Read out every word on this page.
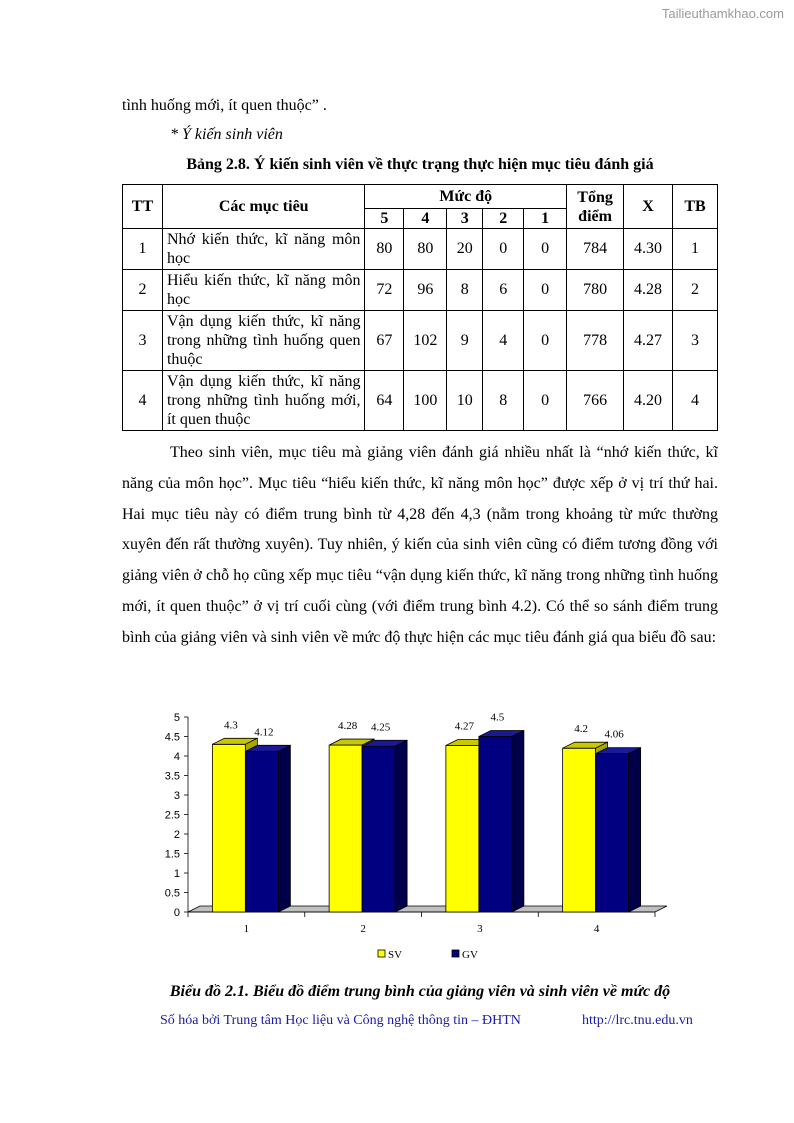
Tailieuthamkhao.com
tình huống mới, ít quen thuộc” .
* Ý kiến sinh viên
Bảng 2.8. Ý kiến sinh viên về thực trạng thực hiện mục tiêu đánh giá
TT	Các mục tiêu	Mức độ					Tổng điểm	X	TB
		5	4	3	2	1			
1	Nhớ kiến thức, kĩ năng môn học	80	80	20	0	0	784	4.30	1
2	Hiểu kiến thức, kĩ năng môn học	72	96	8	6	0	780	4.28	2
3	Vận dụng kiến thức, kĩ năng trong những tình huống quen thuộc	67	102	9	4	0	778	4.27	3
4	Vận dụng kiến thức, kĩ năng trong những tình huống mới, ít quen thuộc	64	100	10	8	0	766	4.20	4

Theo sinh viên, mục tiêu mà giảng viên đánh giá nhiều nhất là “nhớ kiến thức, kĩ năng của môn học”. Mục tiêu “hiểu kiến thức, kĩ năng môn học” được xếp ở vị trí thứ hai. Hai mục tiêu này có điểm trung bình từ 4,28 đến 4,3 (nằm trong khoảng từ mức thường xuyên đến rất thường xuyên). Tuy nhiên, ý kiến của sinh viên cũng có điểm tương đồng với giảng viên ở chỗ họ cũng xếp mục tiêu “vận dụng kiến thức, kĩ năng trong những tình huống mới, ít quen thuộc” ở vị trí cuối cùng (với điểm trung bình 4.2). Có thể so sánh điểm trung bình của giảng viên và sinh viên về mức độ thực hiện các mục tiêu đánh giá qua biểu đồ sau:

0
0.5
1
1.5
2
2.5
3
3.5
4
4.5
5
4.3
4.12
1
4.28 4.25
2
4.27
4.5
3
4.2 4.06
4
SV	GV
Biểu đồ 2.1. Biểu đồ điểm trung bình của giảng viên và sinh viên về mức độ
Số hóa bởi Trung tâm Học liệu và Công nghệ thông tin – ĐHTN	http://lrc.tnu.edu.vn
